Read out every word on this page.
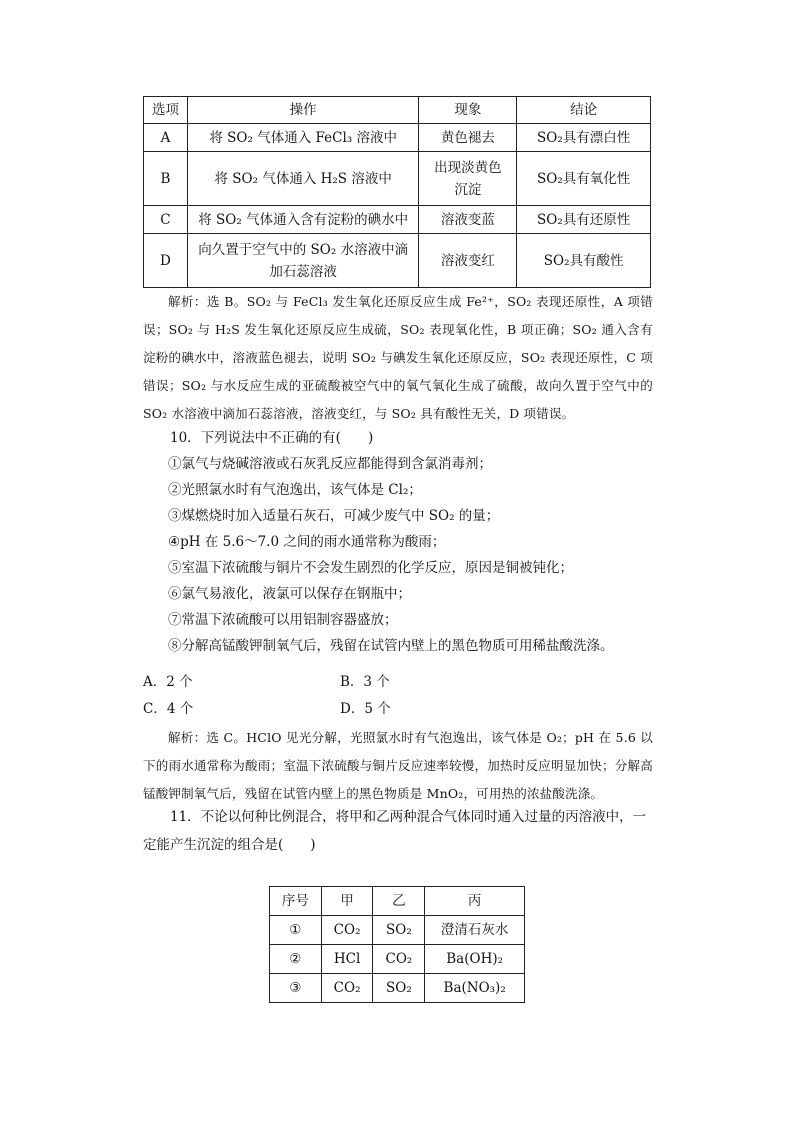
选项	操作	现象	结论
A	将 SO₂ 气体通入 FeCl₃ 溶液中	黄色褪去	SO₂具有漂白性
B	将 SO₂ 气体通入 H₂S 溶液中	出现淡黄色沉淀	SO₂具有氧化性
C	将 SO₂ 气体通入含有淀粉的碘水中	溶液变蓝	SO₂具有还原性
D	向久置于空气中的 SO₂ 水溶液中滴加石蕊溶液	溶液变红	SO₂具有酸性
解析：选 B。SO₂ 与 FeCl₃ 发生氧化还原反应生成 Fe²⁺，SO₂ 表现还原性，A 项错误；SO₂ 与 H₂S 发生氧化还原反应生成硫，SO₂ 表现氧化性，B 项正确；SO₂ 通入含有淀粉的碘水中，溶液蓝色褪去，说明 SO₂ 与碘发生氧化还原反应，SO₂ 表现还原性，C 项错误；SO₂ 与水反应生成的亚硫酸被空气中的氧气氧化生成了硫酸，故向久置于空气中的 SO₂ 水溶液中滴加石蕊溶液，溶液变红，与 SO₂ 具有酸性无关，D 项错误。
10．下列说法中不正确的有(　　)
①氯气与烧碱溶液或石灰乳反应都能得到含氯消毒剂；
②光照氯水时有气泡逸出，该气体是 Cl₂；
③煤燃烧时加入适量石灰石，可减少废气中 SO₂ 的量；
④pH 在 5.6～7.0 之间的雨水通常称为酸雨；
⑤室温下浓硫酸与铜片不会发生剧烈的化学反应，原因是铜被钝化；
⑥氯气易液化，液氯可以保存在钢瓶中；
⑦常温下浓硫酸可以用铝制容器盛放；
⑧分解高锰酸钾制氧气后，残留在试管内壁上的黑色物质可用稀盐酸洗涤。
A．2 个	B．3 个
C．4 个	D．5 个
解析：选 C。HClO 见光分解，光照氯水时有气泡逸出，该气体是 O₂；pH 在 5.6 以下的雨水通常称为酸雨；室温下浓硫酸与铜片反应速率较慢，加热时反应明显加快；分解高锰酸钾制氧气后，残留在试管内壁上的黑色物质是 MnO₂，可用热的浓盐酸洗涤。
11．不论以何种比例混合，将甲和乙两种混合气体同时通入过量的丙溶液中，一定能产生沉淀的组合是(　　)
序号	甲	乙	丙
①	CO₂	SO₂	澄清石灰水
②	HCl	CO₂	Ba(OH)₂
③	CO₂	SO₂	Ba(NO₃)₂
